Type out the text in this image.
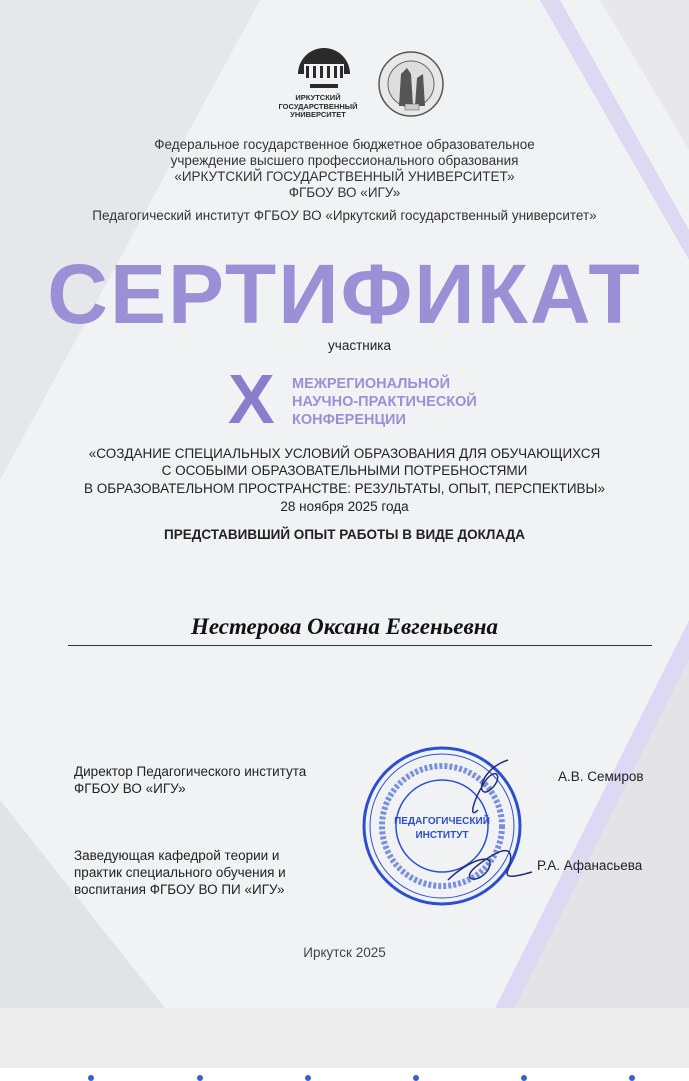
ИРКУТСКИЙ ГОСУДАРСТВЕННЫЙ УНИВЕРСИТЕТ
Федеральное государственное бюджетное образовательное
учреждение высшего профессионального образования
«ИРКУТСКИЙ ГОСУДАРСТВЕННЫЙ УНИВЕРСИТЕТ»
ФГБОУ ВО «ИГУ»
Педагогический институт ФГБОУ ВО «Иркутский государственный университет»
СЕРТИФИКАТ
участника
X МЕЖРЕГИОНАЛЬНОЙ
НАУЧНО-ПРАКТИЧЕСКОЙ
КОНФЕРЕНЦИИ
«СОЗДАНИЕ СПЕЦИАЛЬНЫХ УСЛОВИЙ ОБРАЗОВАНИЯ ДЛЯ ОБУЧАЮЩИХСЯ
С ОСОБЫМИ ОБРАЗОВАТЕЛЬНЫМИ ПОТРЕБНОСТЯМИ
В ОБРАЗОВАТЕЛЬНОМ ПРОСТРАНСТВЕ: РЕЗУЛЬТАТЫ, ОПЫТ, ПЕРСПЕКТИВЫ»
28 ноября 2025 года
ПРЕДСТАВИВШИЙ ОПЫТ РАБОТЫ В ВИДЕ ДОКЛАДА
Нестерова Оксана Евгеньевна
Директор Педагогического института
ФГБОУ ВО «ИГУ»
Заведующая кафедрой теории и
практик специального обучения и
воспитания ФГБОУ ВО ПИ «ИГУ»
ПЕДАГОГИЧЕСКИЙ
ИНСТИТУТ
А.В. Семиров
Р.А. Афанасьева
Иркутск 2025
